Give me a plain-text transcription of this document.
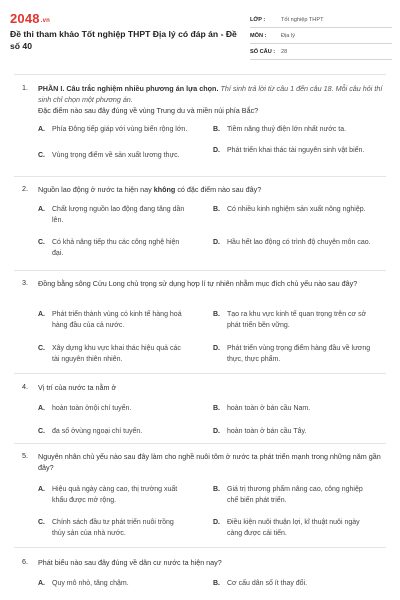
2048.vn
Đề thi tham khảo Tốt nghiệp THPT Địa lý có đáp án - Đề số 40
LỚP :	Tốt nghiệp THPT
MÔN :	Địa lý
SỐ CÂU :	28
1. PHẦN I. Câu trắc nghiệm nhiều phương án lựa chọn. Thí sinh trả lời từ câu 1 đến câu 18. Mỗi câu hỏi thí sinh chỉ chọn một phương án.
Đặc điểm nào sau đây đúng về vùng Trung du và miền núi phía Bắc?
A.	Phía Đông tiếp giáp với vùng biển rộng lớn.	B.	Tiềm năng thuỷ điện lớn nhất nước ta.
C.	Vùng trọng điểm về sản xuất lương thực.
D.	Phát triển khai thác tài nguyên sinh vật biển.
2. Nguồn lao động ở nước ta hiện nay không có đặc điểm nào sau đây?
A.	Chất lượng nguồn lao động đang tăng dần lên.
B.	Có nhiều kinh nghiệm sản xuất nông nghiệp.
C.	Có khả năng tiếp thu các công nghệ hiện đại.
D.	Hầu hết lao động có trình độ chuyên môn cao.
3. Đồng bằng sông Cửu Long chủ trọng sử dụng hợp lí tự nhiên nhằm mục đích chủ yếu nào sau đây?
A.	Phát triển thành vùng có kinh tế hàng hoá hàng đầu của cả nước.
B.	Tạo ra khu vực kinh tế quan trọng trên cơ sở phát triển bền vững.
C.	Xây dựng khu vực khai thác hiệu quả các tài nguyên thiên nhiên.
D.	Phát triển vùng trọng điểm hàng đầu về lương thực, thực phẩm.
4. Vị trí của nước ta nằm ở
A.	hoàn toàn ởnội chí tuyến.	B.	hoàn toàn ở bán cầu Nam.
C.	đa số ởvùng ngoại chí tuyến.	D.	hoàn toàn ở bán cầu Tây.
5. Nguyên nhân chủ yếu nào sau đây làm cho nghề nuôi tôm ở nước ta phát triển mạnh trong những năm gần đây?
A.	Hiệu quả ngày càng cao, thị trường xuất khẩu được mở rộng.
B.	Giá trị thương phẩm nâng cao, công nghiệp chế biến phát triển.
C.	Chính sách đầu tư phát triển nuôi trồng thủy sản của nhà nước.
D.	Điều kiện nuôi thuận lợi, kĩ thuật nuôi ngày càng được cải tiến.
6. Phát biểu nào sau đây đúng về dân cư nước ta hiện nay?
A.	Quy mô nhỏ, tăng chậm.	B.	Cơ cấu dân số ít thay đổi.
